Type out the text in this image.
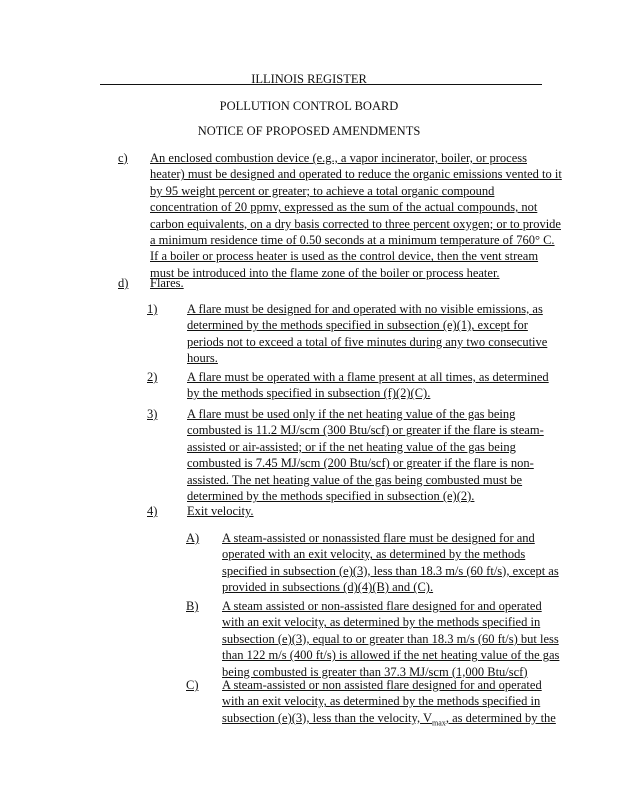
ILLINOIS REGISTER
POLLUTION CONTROL BOARD
NOTICE OF PROPOSED AMENDMENTS
c) An enclosed combustion device (e.g., a vapor incinerator, boiler, or process
heater) must be designed and operated to reduce the organic emissions vented to it
by 95 weight percent or greater; to achieve a total organic compound
concentration of 20 ppmv, expressed as the sum of the actual compounds, not
carbon equivalents, on a dry basis corrected to three percent oxygen; or to provide
a minimum residence time of 0.50 seconds at a minimum temperature of 760° C.
If a boiler or process heater is used as the control device, then the vent stream
must be introduced into the flame zone of the boiler or process heater.
d) Flares.
1) A flare must be designed for and operated with no visible emissions, as
determined by the methods specified in subsection (e)(1), except for
periods not to exceed a total of five minutes during any two consecutive
hours.
2) A flare must be operated with a flame present at all times, as determined
by the methods specified in subsection (f)(2)(C).
3) A flare must be used only if the net heating value of the gas being
combusted is 11.2 MJ/scm (300 Btu/scf) or greater if the flare is steam-
assisted or air-assisted; or if the net heating value of the gas being
combusted is 7.45 MJ/scm (200 Btu/scf) or greater if the flare is non-
assisted. The net heating value of the gas being combusted must be
determined by the methods specified in subsection (e)(2).
4) Exit velocity.
A) A steam-assisted or nonassisted flare must be designed for and
operated with an exit velocity, as determined by the methods
specified in subsection (e)(3), less than 18.3 m/s (60 ft/s), except as
provided in subsections (d)(4)(B) and (C).
B) A steam assisted or non-assisted flare designed for and operated
with an exit velocity, as determined by the methods specified in
subsection (e)(3), equal to or greater than 18.3 m/s (60 ft/s) but less
than 122 m/s (400 ft/s) is allowed if the net heating value of the gas
being combusted is greater than 37.3 MJ/scm (1,000 Btu/scf)
C) A steam-assisted or non assisted flare designed for and operated
with an exit velocity, as determined by the methods specified in
subsection (e)(3), less than the velocity, $V_{max}$, as determined by the
